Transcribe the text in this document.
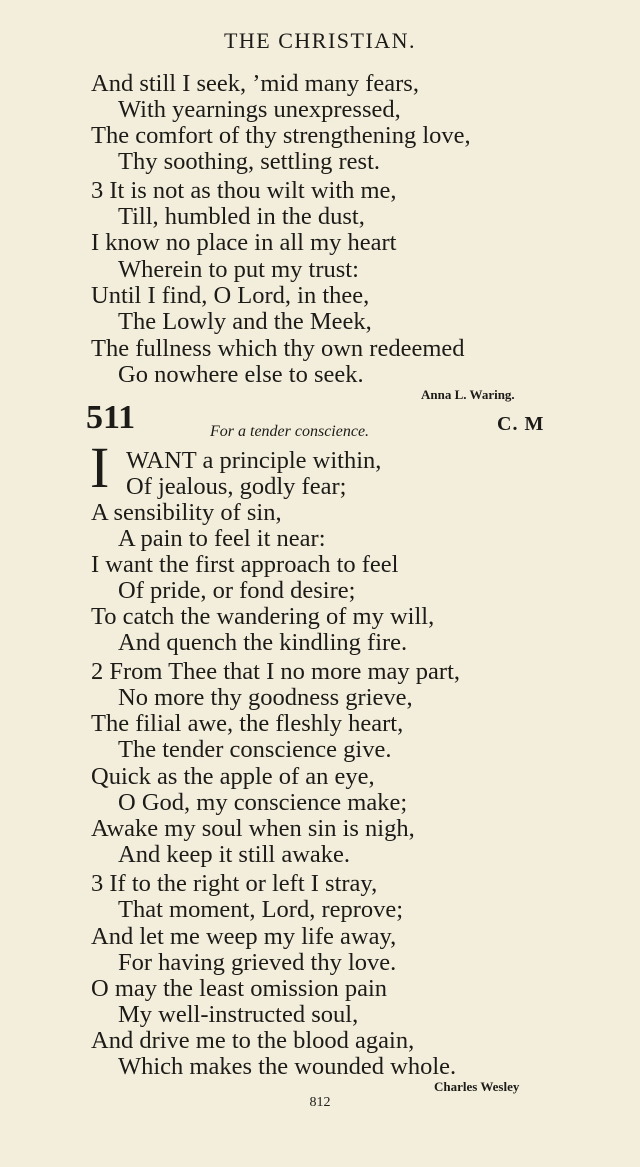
THE CHRISTIAN.
And still I seek, ’mid many fears,
With yearnings unexpressed,
The comfort of thy strengthening love,
Thy soothing, settling rest.
3 It is not as thou wilt with me,
Till, humbled in the dust,
I know no place in all my heart
Wherein to put my trust:
Until I find, O Lord, in thee,
The Lowly and the Meek,
The fullness which thy own redeemed
Go nowhere else to seek.
Anna L. Waring.
511	For a tender conscience.	C. M
I WANT a principle within,
Of jealous, godly fear;
A sensibility of sin,
A pain to feel it near:
I want the first approach to feel
Of pride, or fond desire;
To catch the wandering of my will,
And quench the kindling fire.
2 From Thee that I no more may part,
No more thy goodness grieve,
The filial awe, the fleshly heart,
The tender conscience give.
Quick as the apple of an eye,
O God, my conscience make;
Awake my soul when sin is nigh,
And keep it still awake.
3 If to the right or left I stray,
That moment, Lord, reprove;
And let me weep my life away,
For having grieved thy love.
O may the least omission pain
My well-instructed soul,
And drive me to the blood again,
Which makes the wounded whole.
Charles Wesley
812
